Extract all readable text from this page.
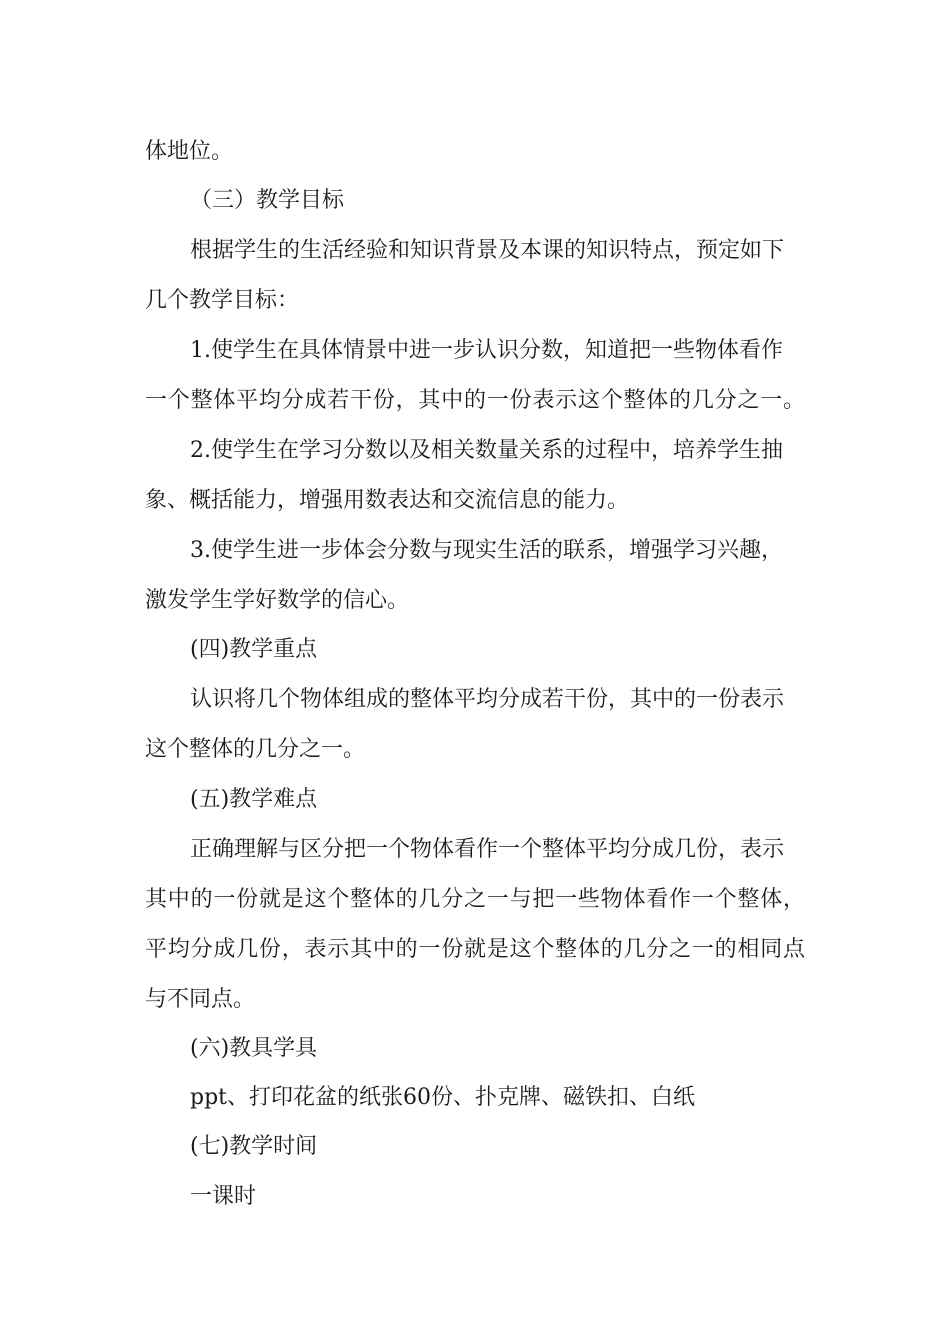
体地位。
（三）教学目标
根据学生的生活经验和知识背景及本课的知识特点，预定如下
几个教学目标：
1.使学生在具体情景中进一步认识分数，知道把一些物体看作
一个整体平均分成若干份，其中的一份表示这个整体的几分之一。
2.使学生在学习分数以及相关数量关系的过程中，培养学生抽
象、概括能力，增强用数表达和交流信息的能力。
3.使学生进一步体会分数与现实生活的联系，增强学习兴趣，
激发学生学好数学的信心。
(四)教学重点
认识将几个物体组成的整体平均分成若干份，其中的一份表示
这个整体的几分之一。
(五)教学难点
正确理解与区分把一个物体看作一个整体平均分成几份，表示
其中的一份就是这个整体的几分之一与把一些物体看作一个整体，
平均分成几份，表示其中的一份就是这个整体的几分之一的相同点
与不同点。
(六)教具学具
ppt、打印花盆的纸张60份、扑克牌、磁铁扣、白纸
(七)教学时间
一课时
